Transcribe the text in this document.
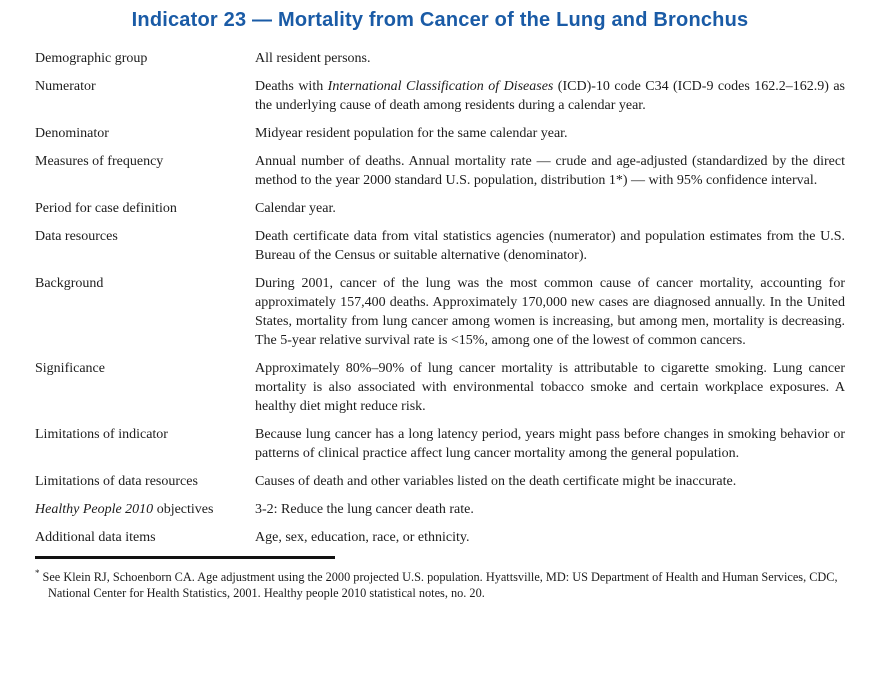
Indicator 23 — Mortality from Cancer of the Lung and Bronchus
Demographic group	All resident persons.
Numerator	Deaths with International Classification of Diseases (ICD)-10 code C34 (ICD-9 codes 162.2–162.9) as the underlying cause of death among residents during a calendar year.
Denominator	Midyear resident population for the same calendar year.
Measures of frequency	Annual number of deaths. Annual mortality rate — crude and age-adjusted (standardized by the direct method to the year 2000 standard U.S. population, distribution 1*) — with 95% confidence interval.
Period for case definition	Calendar year.
Data resources	Death certificate data from vital statistics agencies (numerator) and population estimates from the U.S. Bureau of the Census or suitable alternative (denominator).
Background	During 2001, cancer of the lung was the most common cause of cancer mortality, accounting for approximately 157,400 deaths. Approximately 170,000 new cases are diagnosed annually. In the United States, mortality from lung cancer among women is increasing, but among men, mortality is decreasing. The 5-year relative survival rate is <15%, among one of the lowest of common cancers.
Significance	Approximately 80%–90% of lung cancer mortality is attributable to cigarette smoking. Lung cancer mortality is also associated with environmental tobacco smoke and certain workplace exposures. A healthy diet might reduce risk.
Limitations of indicator	Because lung cancer has a long latency period, years might pass before changes in smoking behavior or patterns of clinical practice affect lung cancer mortality among the general population.
Limitations of data resources	Causes of death and other variables listed on the death certificate might be inaccurate.
Healthy People 2010 objectives	3-2: Reduce the lung cancer death rate.
Additional data items	Age, sex, education, race, or ethnicity.
* See Klein RJ, Schoenborn CA. Age adjustment using the 2000 projected U.S. population. Hyattsville, MD: US Department of Health and Human Services, CDC, National Center for Health Statistics, 2001. Healthy people 2010 statistical notes, no. 20.
